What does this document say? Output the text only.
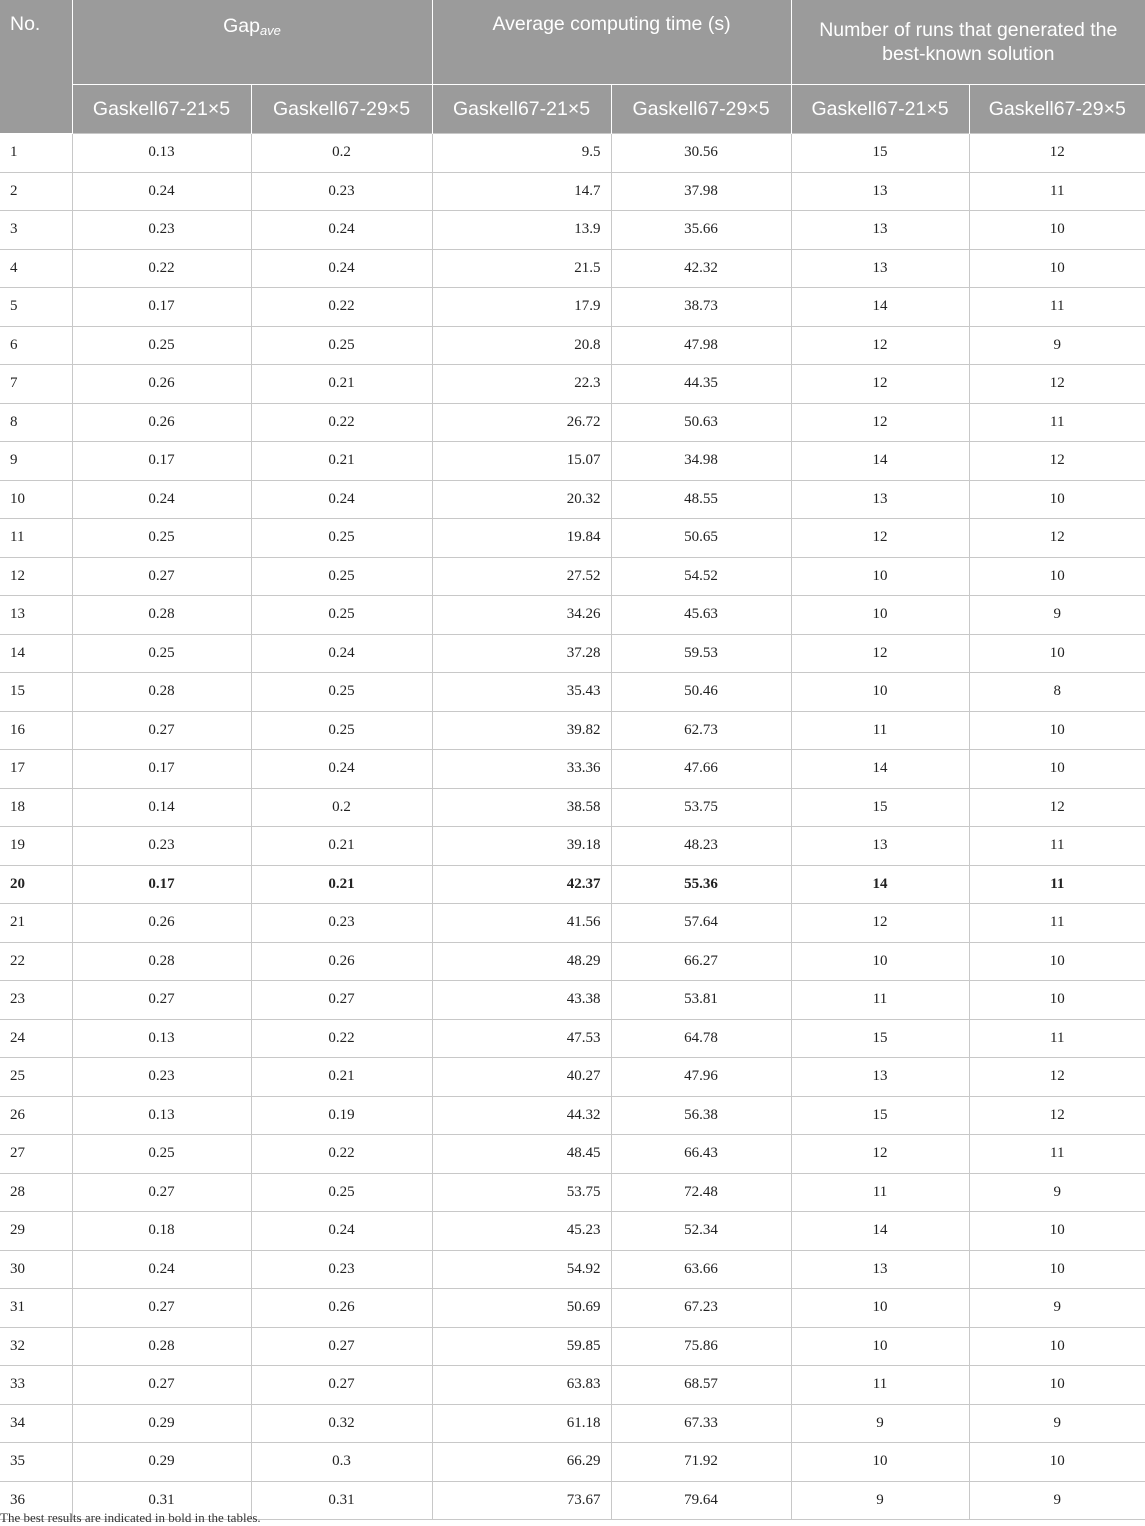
No.	Gap$_{ave}$		Average computing time (s)		Number of runs that generated the best-known solution	
	Gaskell67-21×5	Gaskell67-29×5	Gaskell67-21×5	Gaskell67-29×5	Gaskell67-21×5	Gaskell67-29×5
1	0.13	0.2	9.5	30.56	15	12
2	0.24	0.23	14.7	37.98	13	11
3	0.23	0.24	13.9	35.66	13	10
4	0.22	0.24	21.5	42.32	13	10
5	0.17	0.22	17.9	38.73	14	11
6	0.25	0.25	20.8	47.98	12	9
7	0.26	0.21	22.3	44.35	12	12
8	0.26	0.22	26.72	50.63	12	11
9	0.17	0.21	15.07	34.98	14	12
10	0.24	0.24	20.32	48.55	13	10
11	0.25	0.25	19.84	50.65	12	12
12	0.27	0.25	27.52	54.52	10	10
13	0.28	0.25	34.26	45.63	10	9
14	0.25	0.24	37.28	59.53	12	10
15	0.28	0.25	35.43	50.46	10	8
16	0.27	0.25	39.82	62.73	11	10
17	0.17	0.24	33.36	47.66	14	10
18	0.14	0.2	38.58	53.75	15	12
19	0.23	0.21	39.18	48.23	13	11
20	0.17	0.21	42.37	55.36	14	11
21	0.26	0.23	41.56	57.64	12	11
22	0.28	0.26	48.29	66.27	10	10
23	0.27	0.27	43.38	53.81	11	10
24	0.13	0.22	47.53	64.78	15	11
25	0.23	0.21	40.27	47.96	13	12
26	0.13	0.19	44.32	56.38	15	12
27	0.25	0.22	48.45	66.43	12	11
28	0.27	0.25	53.75	72.48	11	9
29	0.18	0.24	45.23	52.34	14	10
30	0.24	0.23	54.92	63.66	13	10
31	0.27	0.26	50.69	67.23	10	9
32	0.28	0.27	59.85	75.86	10	10
33	0.27	0.27	63.83	68.57	11	10
34	0.29	0.32	61.18	67.33	9	9
35	0.29	0.3	66.29	71.92	10	10
36	0.31	0.31	73.67	79.64	9	9
The best results are indicated in bold in the tables.
